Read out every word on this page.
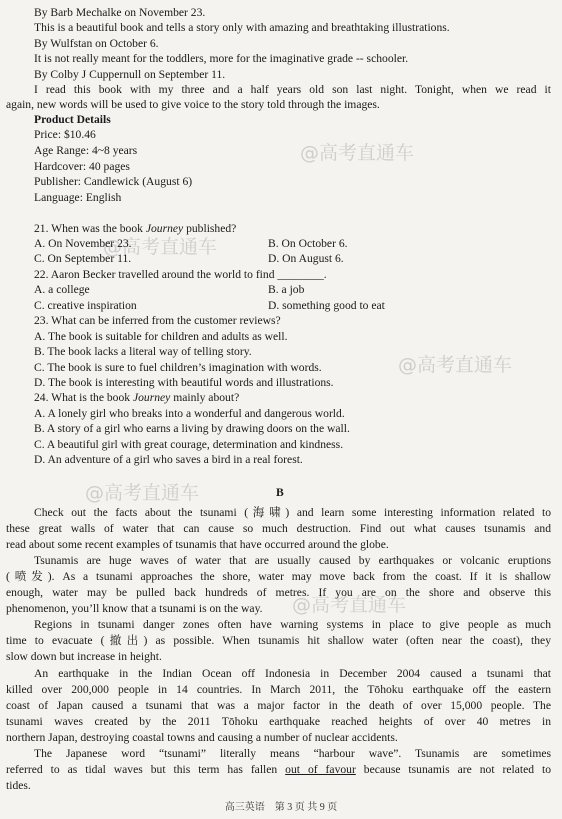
@高考直通车
@高考直通车
@高考直通车
@高考直通车
@高考直通车
By Barb Mechalke on November 23.
This is a beautiful book and tells a story only with amazing and breathtaking illustrations.
By Wulfstan on October 6.
It is not really meant for the toddlers, more for the imaginative grade -- schooler.
By Colby J Cuppernull on September 11.
I read this book with my three and a half years old son last night. Tonight, when we read it
again, new words will be used to give voice to the story told through the images.
Product Details
Price: $10.46
Age Range: 4~8 years
Hardcover: 40 pages
Publisher: Candlewick (August 6)
Language: English
21. When was the book Journey published?
A. On November 23.	B. On October 6.
C. On September 11.	D. On August 6.
22. Aaron Becker travelled around the world to find ________.
A. a college	B. a job
C. creative inspiration	D. something good to eat
23. What can be inferred from the customer reviews?
A. The book is suitable for children and adults as well.
B. The book lacks a literal way of telling story.
C. The book is sure to fuel children’s imagination with words.
D. The book is interesting with beautiful words and illustrations.
24. What is the book Journey mainly about?
A. A lonely girl who breaks into a wonderful and dangerous world.
B. A story of a girl who earns a living by drawing doors on the wall.
C. A beautiful girl with great courage, determination and kindness.
D. An adventure of a girl who saves a bird in a real forest.
B
Check out the facts about the tsunami (海啸) and learn some interesting information related to
these great walls of water that can cause so much destruction. Find out what causes tsunamis and
read about some recent examples of tsunamis that have occurred around the globe.
Tsunamis are huge waves of water that are usually caused by earthquakes or volcanic eruptions
(喷发). As a tsunami approaches the shore, water may move back from the coast. If it is shallow
enough, water may be pulled back hundreds of metres. If you are on the shore and observe this
phenomenon, you’ll know that a tsunami is on the way.
Regions in tsunami danger zones often have warning systems in place to give people as much
time to evacuate (撤出) as possible. When tsunamis hit shallow water (often near the coast), they
slow down but increase in height.
An earthquake in the Indian Ocean off Indonesia in December 2004 caused a tsunami that
killed over 200,000 people in 14 countries. In March 2011, the Tōhoku earthquake off the eastern
coast of Japan caused a tsunami that was a major factor in the death of over 15,000 people. The
tsunami waves created by the 2011 Tōhoku earthquake reached heights of over 40 metres in
northern Japan, destroying coastal towns and causing a number of nuclear accidents.
The Japanese word “tsunami” literally means “harbour wave”. Tsunamis are sometimes
referred to as tidal waves but this term has fallen out of favour because tsunamis are not related to
tides.
高三英语　第 3 页 共 9 页
